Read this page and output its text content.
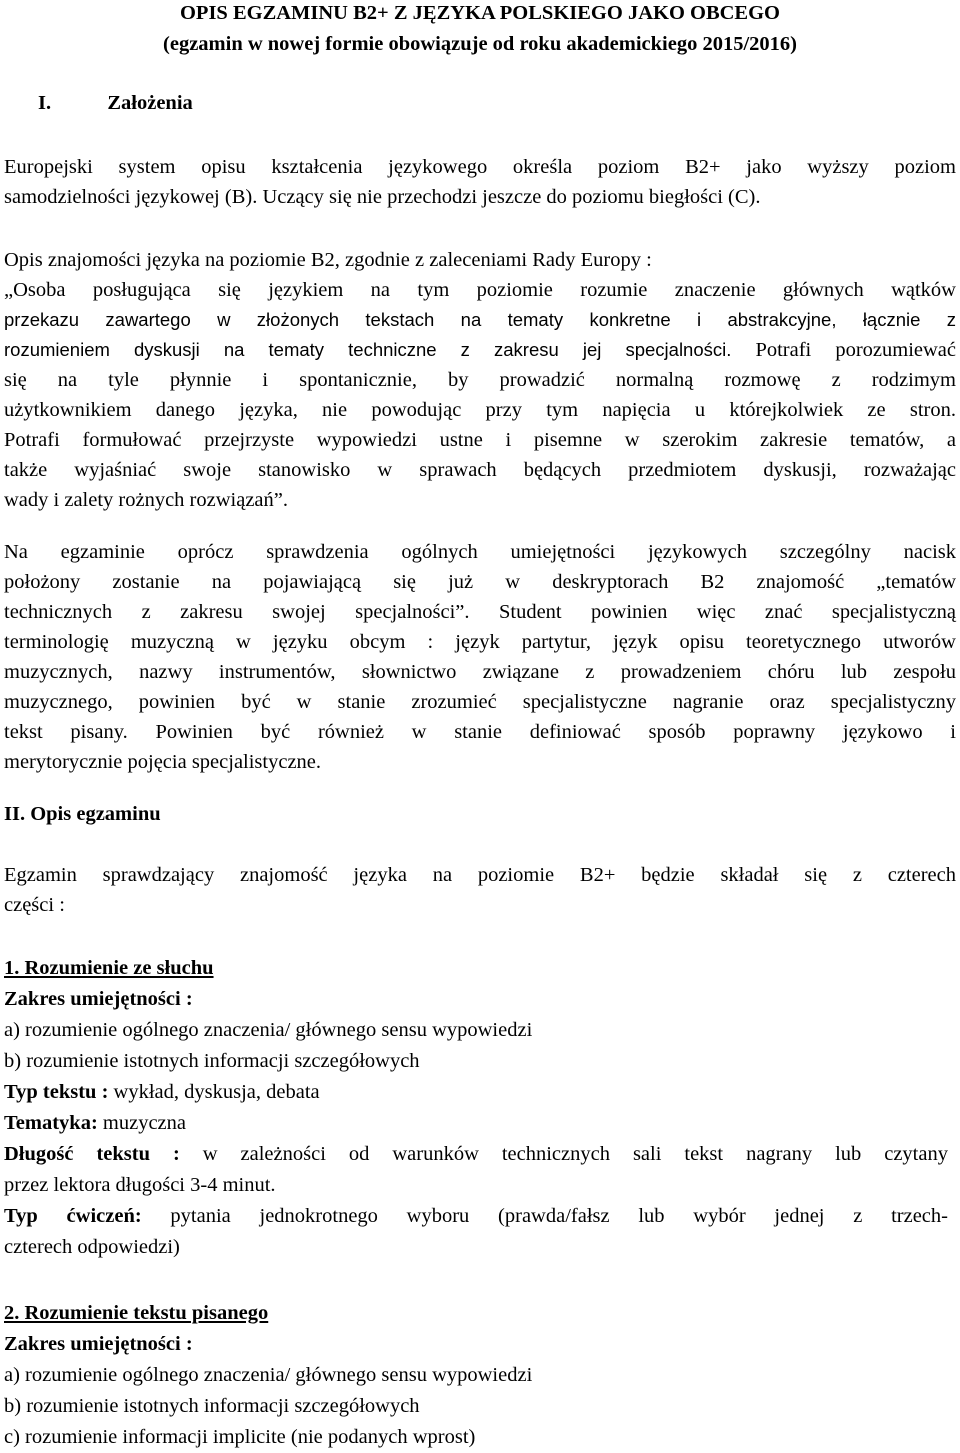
OPIS EGZAMINU B2+ Z JĘZYKA POLSKIEGO JAKO OBCEGO
(egzamin w nowej formie obowiązuje od roku akademickiego 2015/2016)
I.	Założenia
Europejski system opisu kształcenia językowego określa poziom B2+ jako wyższy poziom
samodzielności językowej (B). Uczący się nie przechodzi jeszcze do poziomu biegłości (C).
Opis znajomości języka na poziomie B2, zgodnie z zaleceniami Rady Europy :
„Osoba posługująca się językiem na tym poziomie rozumie znaczenie głównych wątków
przekazu zawartego w złożonych tekstach na tematy konkretne i abstrakcyjne, łącznie z
rozumieniem dyskusji na tematy techniczne z zakresu jej specjalności. Potrafi porozumiewać
się na tyle płynnie i spontanicznie, by prowadzić normalną rozmowę z rodzimym
użytkownikiem danego języka, nie powodując przy tym napięcia u którejkolwiek ze stron.
Potrafi formułować przejrzyste wypowiedzi ustne i pisemne w szerokim zakresie tematów, a
także wyjaśniać swoje stanowisko w sprawach będących przedmiotem dyskusji, rozważając
wady i zalety rożnych rozwiązań”.
Na egzaminie oprócz sprawdzenia ogólnych umiejętności językowych szczególny nacisk
położony zostanie na pojawiającą się już w deskryptorach B2 znajomość „tematów
technicznych z zakresu swojej specjalności”. Student powinien więc znać specjalistyczną
terminologię muzyczną w języku obcym : język partytur, język opisu teoretycznego utworów
muzycznych, nazwy instrumentów, słownictwo związane z prowadzeniem chóru lub zespołu
muzycznego, powinien być w stanie zrozumieć specjalistyczne nagranie oraz specjalistyczny
tekst pisany. Powinien być również w stanie definiować sposób poprawny językowo i
merytorycznie pojęcia specjalistyczne.
II. Opis egzaminu
Egzamin sprawdzający znajomość języka na poziomie B2+ będzie składał się z czterech
części :
1. Rozumienie ze słuchu
Zakres umiejętności :
a) rozumienie ogólnego znaczenia/ głównego sensu wypowiedzi
b) rozumienie istotnych informacji szczegółowych
Typ tekstu : wykład, dyskusja, debata
Tematyka: muzyczna
Długość tekstu : w zależności od warunków technicznych sali tekst nagrany lub czytany
przez lektora długości 3-4 minut.
Typ ćwiczeń: pytania jednokrotnego wyboru (prawda/fałsz lub wybór jednej z trzech-
czterech odpowiedzi)
2. Rozumienie tekstu pisanego
Zakres umiejętności :
a) rozumienie ogólnego znaczenia/ głównego sensu wypowiedzi
b) rozumienie istotnych informacji szczegółowych
c) rozumienie informacji implicite (nie podanych wprost)
